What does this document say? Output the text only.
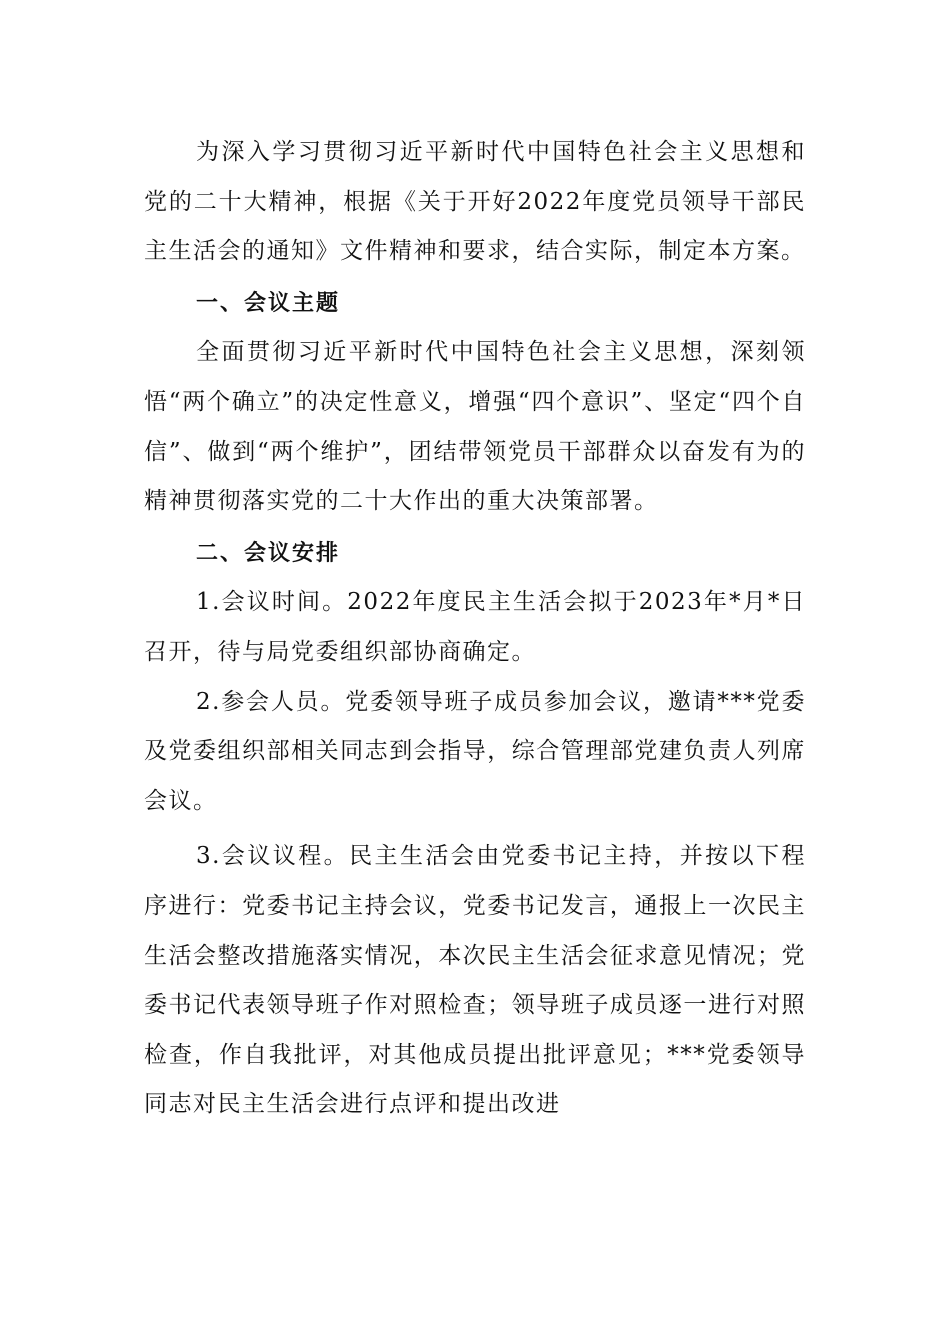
为深入学习贯彻习近平新时代中国特色社会主义思想和党的二十大精神，根据《关于开好2022年度党员领导干部民主生活会的通知》文件精神和要求，结合实际，制定本方案。

一、会议主题

全面贯彻习近平新时代中国特色社会主义思想，深刻领悟“两个确立”的决定性意义，增强“四个意识”、坚定“四个自信”、做到“两个维护”，团结带领党员干部群众以奋发有为的精神贯彻落实党的二十大作出的重大决策部署。

二、会议安排

1.会议时间。2022年度民主生活会拟于2023年*月*日召开，待与局党委组织部协商确定。

2.参会人员。党委领导班子成员参加会议，邀请***党委及党委组织部相关同志到会指导，综合管理部党建负责人列席会议。

3.会议议程。民主生活会由党委书记主持，并按以下程序进行：党委书记主持会议，党委书记发言，通报上一次民主生活会整改措施落实情况，本次民主生活会征求意见情况；党委书记代表领导班子作对照检查；领导班子成员逐一进行对照检查，作自我批评，对其他成员提出批评意见；***党委领导同志对民主生活会进行点评和提出改进
